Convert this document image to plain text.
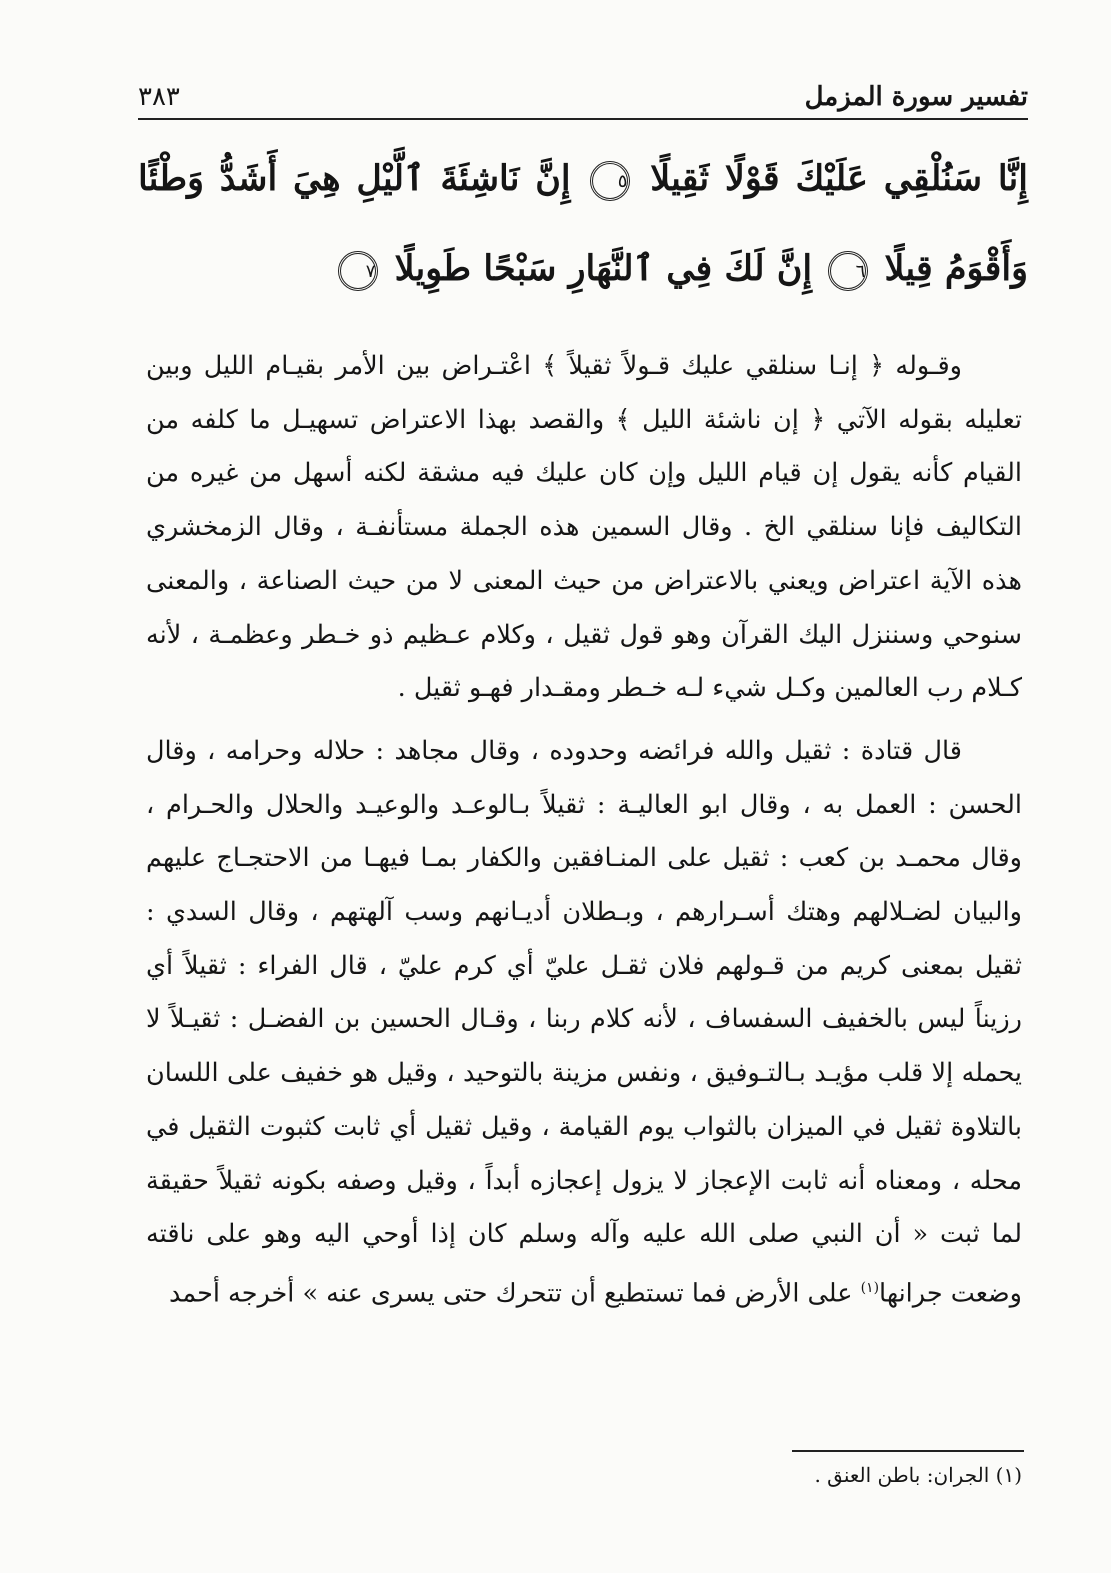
تفسير سورة المزمل
٣٨٣
إِنَّا سَنُلْقِي عَلَيْكَ قَوْلًا ثَقِيلًا ٥ إِنَّ نَاشِئَةَ ٱلَّيْلِ هِيَ أَشَدُّ وَطْئًا وَأَقْوَمُ قِيلًا ٦ إِنَّ لَكَ فِي ٱلنَّهَارِ سَبْحًا طَوِيلًا ٧

وقـوله ﴿ إنـا سنلقي عليك قـولاً ثقيلاً ﴾ اعْتـراض بين الأمر بقيـام الليل وبين تعليله بقوله الآتي ﴿ إن ناشئة الليل ﴾ والقصد بهذا الاعتراض تسهيـل ما كلفه من القيام كأنه يقول إن قيام الليل وإن كان عليك فيه مشقة لكنه أسهل من غيره من التكاليف فإنا سنلقي الخ . وقال السمين هذه الجملة مستأنفـة ، وقال الزمخشري هذه الآية اعتراض ويعني بالاعتراض من حيث المعنى لا من حيث الصناعة ، والمعنى سنوحي وسننزل اليك القرآن وهو قول ثقيل ، وكلام عـظيم ذو خـطر وعظمـة ، لأنه كـلام رب العالمين وكـل شيء لـه خـطر ومقـدار فهـو ثقيل .

قال قتادة : ثقيل والله فرائضه وحدوده ، وقال مجاهد : حلاله وحرامه ، وقال الحسن : العمل به ، وقال ابو العاليـة : ثقيلاً بـالوعـد والوعيـد والحلال والحـرام ، وقال محمـد بن كعب : ثقيل على المنـافقين والكفار بمـا فيهـا من الاحتجـاج عليهم والبيان لضـلالهم وهتك أسـرارهم ، وبـطلان أديـانهم وسب آلهتهم ، وقال السدي : ثقيل بمعنى كريم من قـولهم فلان ثقـل عليّ أي كرم عليّ ، قال الفراء : ثقيلاً أي رزيناً ليس بالخفيف السفساف ، لأنه كلام ربنا ، وقـال الحسين بن الفضـل : ثقيـلاً لا يحمله إلا قلب مؤيـد بـالتـوفيق ، ونفس مزينة بالتوحيد ، وقيل هو خفيف على اللسان بالتلاوة ثقيل في الميزان بالثواب يوم القيامة ، وقيل ثقيل أي ثابت كثبوت الثقيل في محله ، ومعناه أنه ثابت الإعجاز لا يزول إعجازه أبداً ، وقيل وصفه بكونه ثقيلاً حقيقة لما ثبت « أن النبي صلى الله عليه وآله وسلم كان إذا أوحي اليه وهو على ناقته وضعت جرانها$^{(١)}$ على الأرض فما تستطيع أن تتحرك حتى يسرى عنه » أخرجه أحمد

(١) الجران: باطن العنق .
